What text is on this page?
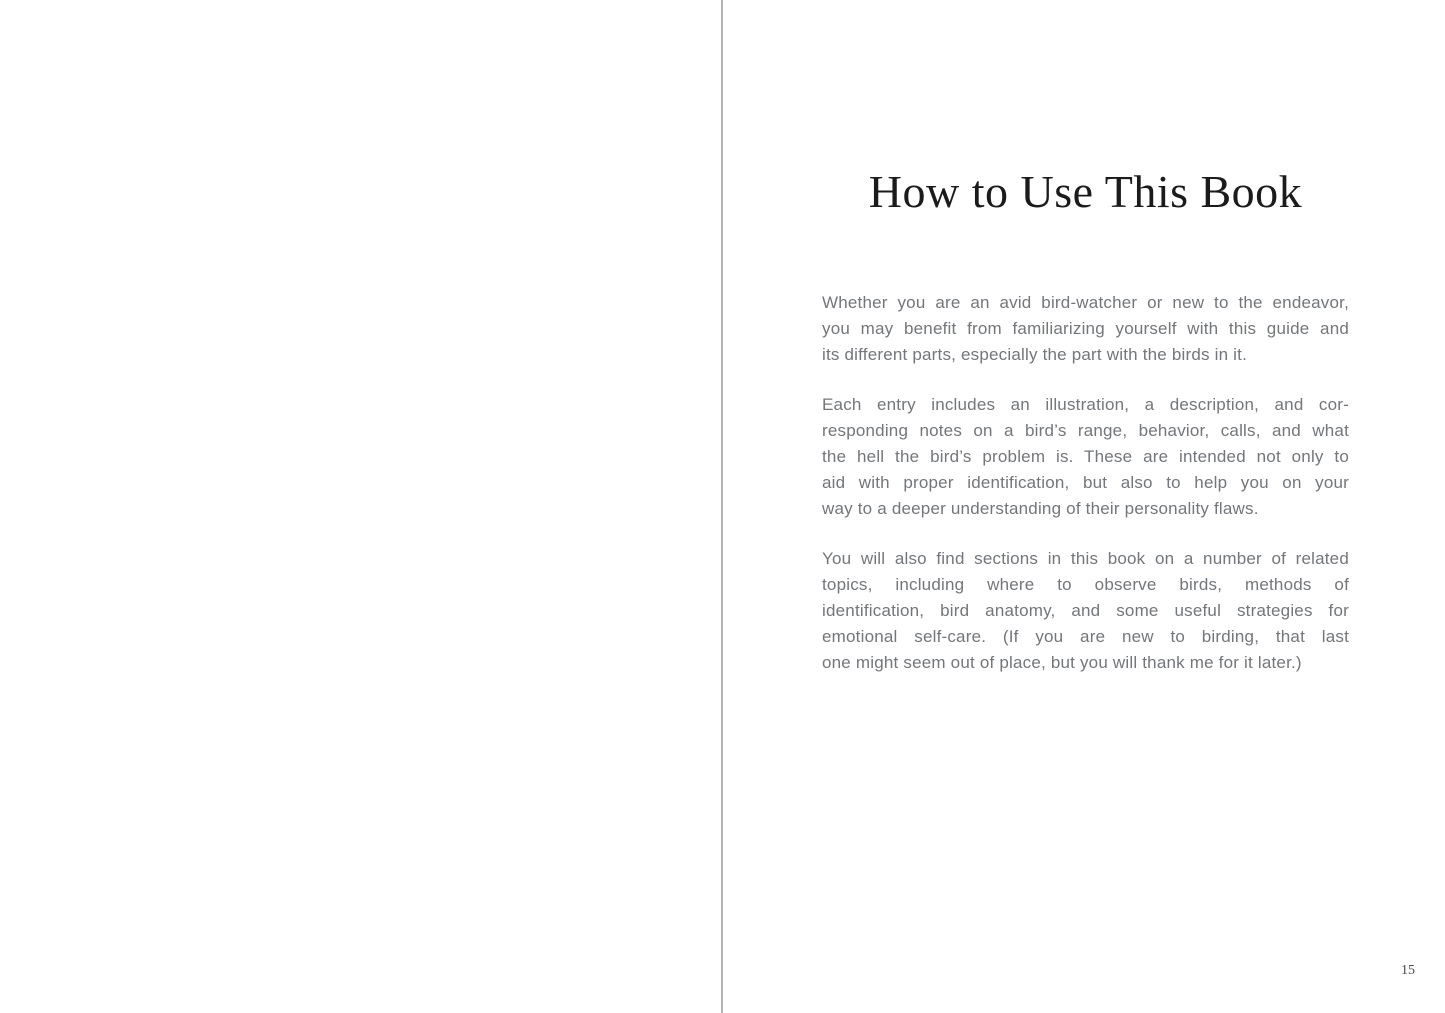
How to Use This Book
Whether you are an avid bird-watcher or new to the endeavor,
you may benefit from familiarizing yourself with this guide and
its different parts, especially the part with the birds in it.
Each entry includes an illustration, a description, and cor-
responding notes on a bird’s range, behavior, calls, and what
the hell the bird’s problem is. These are intended not only to
aid with proper identification, but also to help you on your
way to a deeper understanding of their personality flaws.
You will also find sections in this book on a number of related
topics, including where to observe birds, methods of
identification, bird anatomy, and some useful strategies for
emotional self-care. (If you are new to birding, that last
one might seem out of place, but you will thank me for it later.)
15
